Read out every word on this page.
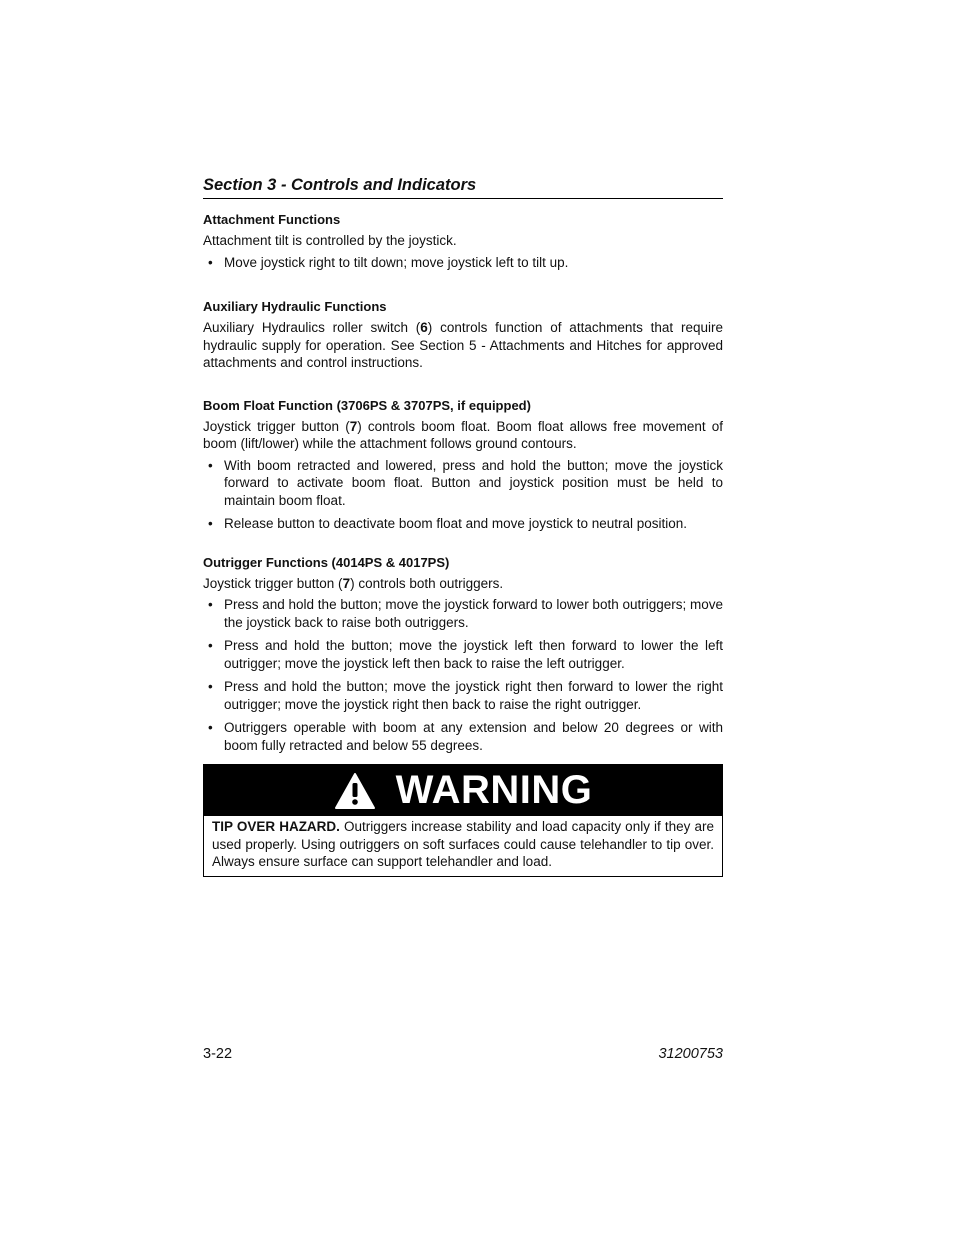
Section 3 - Controls and Indicators
Attachment Functions

Attachment tilt is controlled by the joystick.

• Move joystick right to tilt down; move joystick left to tilt up.
Auxiliary Hydraulic Functions

Auxiliary Hydraulics roller switch (6) controls function of attachments that require hydraulic supply for operation. See Section 5 - Attachments and Hitches for approved attachments and control instructions.

Boom Float Function (3706PS & 3707PS, if equipped)

Joystick trigger button (7) controls boom float. Boom float allows free movement of boom (lift/lower) while the attachment follows ground contours.

• With boom retracted and lowered, press and hold the button; move the joystick forward to activate boom float. Button and joystick position must be held to maintain boom float.
• Release button to deactivate boom float and move joystick to neutral position.
Outrigger Functions (4014PS & 4017PS)

Joystick trigger button (7) controls both outriggers.

• Press and hold the button; move the joystick forward to lower both outriggers; move the joystick back to raise both outriggers.
• Press and hold the button; move the joystick left then forward to lower the left outrigger; move the joystick left then back to raise the left outrigger.
• Press and hold the button; move the joystick right then forward to lower the right outrigger; move the joystick right then back to raise the right outrigger.
• Outriggers operable with boom at any extension and below 20 degrees or with boom fully retracted and below 55 degrees.
WARNING
TIP OVER HAZARD. Outriggers increase stability and load capacity only if they are used properly. Using outriggers on soft surfaces could cause telehandler to tip over. Always ensure surface can support telehandler and load.
3-22	31200753
